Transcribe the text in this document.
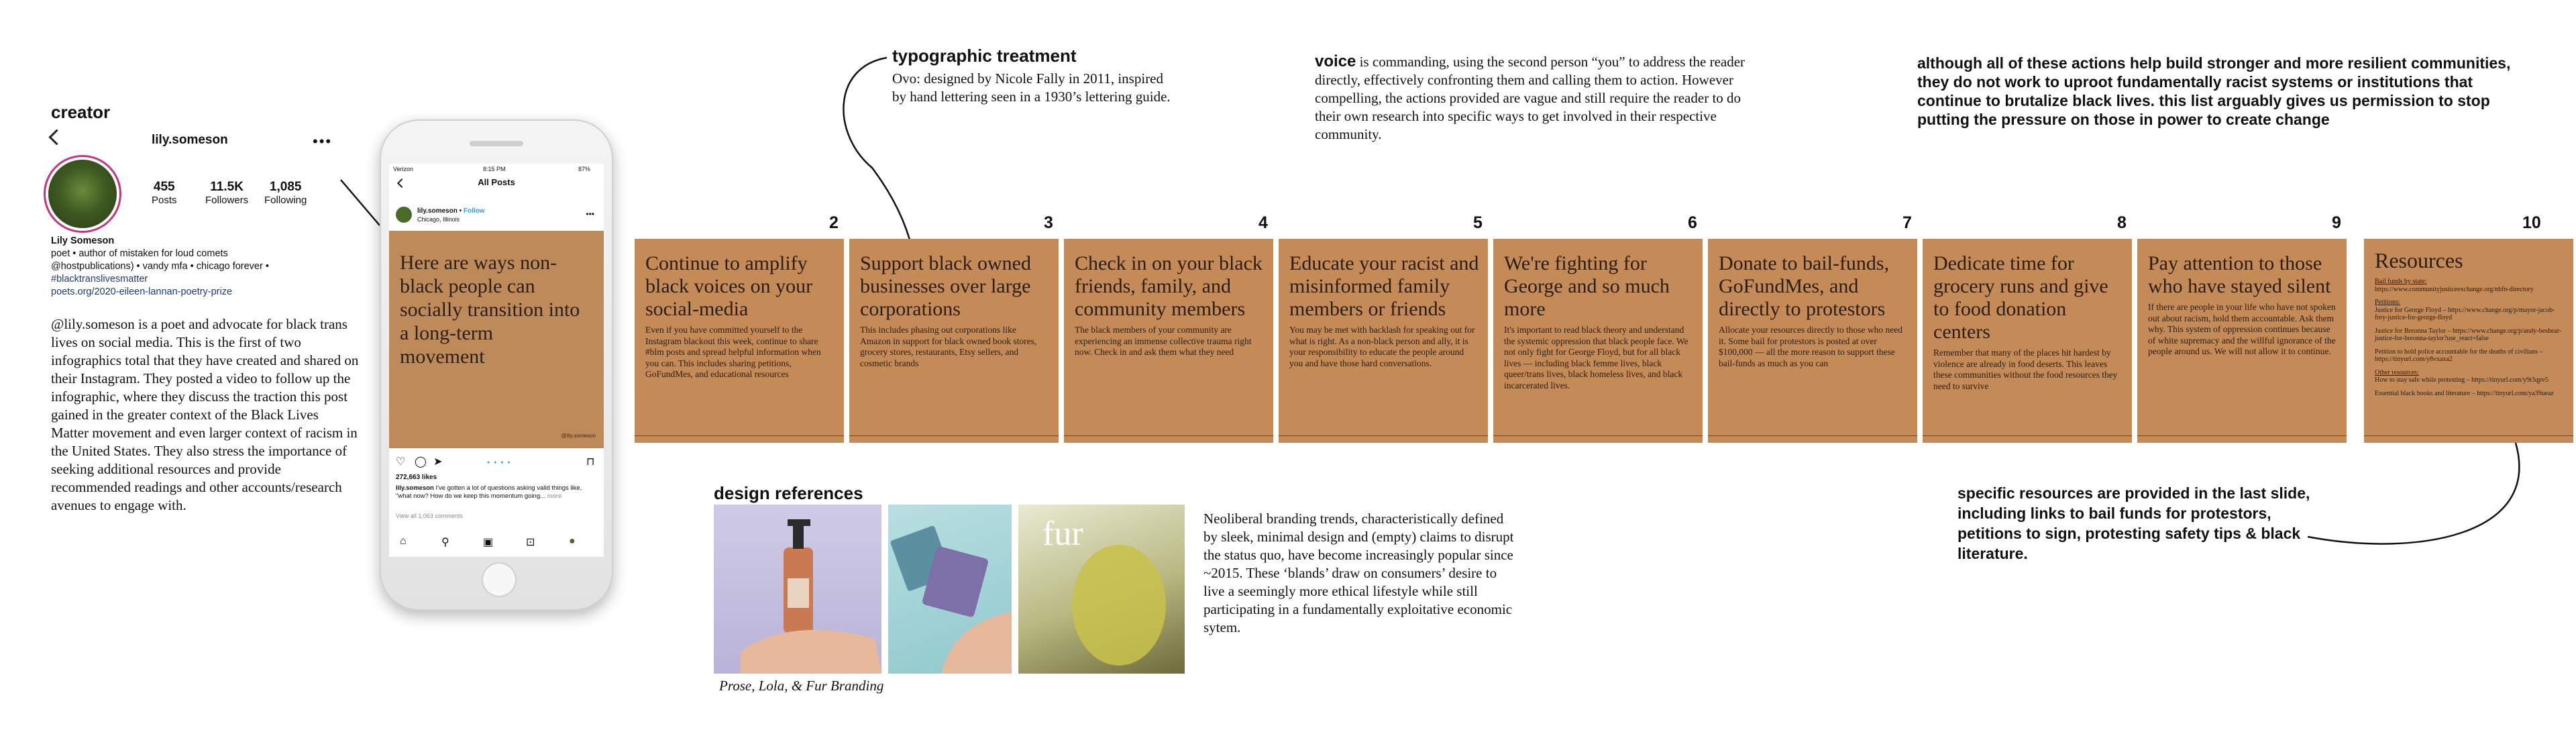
creator
lily.someson	•••
455
Posts
11.5K
Followers
1,085
Following
Lily Someson
poet • author of mistaken for loud comets
@hostpublications) • vandy mfa • chicago forever •
#blacktranslivesmatter
poets.org/2020-eileen-lannan-poetry-prize
@lily.someson is a poet and advocate for black trans lives on social media. This is the first of two infographics total that they have created and shared on their Instagram. They posted a video to follow up the infographic, where they discuss the traction this post gained in the greater context of the Black Lives Matter movement and even larger context of racism in the United States. They also stress the importance of seeking additional resources and provide recommended readings and other accounts/research avenues to engage with.
Verizon	8:15 PM	87%
All Posts
lily.someson • Follow
Chicago, Illinois
•••
Here are ways non-black people can socially transition into a long-term movement
@lily.someson
♡ ◯ ➤	⊓
● ● ● ●
272,663 likes
lily.someson I've gotten a lot of questions asking valid things like, "what now? How do we keep this momentum going... more
View all 1,063 comments
⌂	⚲	▣	⊡	●
typographic treatment
Ovo: designed by Nicole Fally in 2011, inspired by hand lettering seen in a 1930’s lettering guide.
voice is commanding, using the second person “you” to address the reader directly, effectively confronting them and calling them to action. However compelling, the actions provided are vague and still require the reader to do their own research into specific ways to get involved in their respective community.
although all of these actions help build stronger and more resilient communities, they do not work to uproot fundamentally racist systems or institutions that continue to brutalize black lives. this list arguably gives us permission to stop putting the pressure on those in power to create change
2
Continue to amplify black voices on your social-media
Even if you have committed yourself to the Instagram blackout this week, continue to share #blm posts and spread helpful information when you can. This includes sharing petitions, GoFundMes, and educational resources
3
Support black owned businesses over large corporations
This includes phasing out corporations like Amazon in support for black owned book stores, grocery stores, restaurants, Etsy sellers, and cosmetic brands
4
Check in on your black friends, family, and community members
The black members of your community are experiencing an immense collective trauma right now. Check in and ask them what they need
5
Educate your racist and misinformed family members or friends
You may be met with backlash for speaking out for what is right. As a non-black person and ally, it is your responsibility to educate the people around you and have those hard conversations.
6
We're fighting for George and so much more
It's important to read black theory and understand the systemic oppression that black people face. We not only fight for George Floyd, but for all black lives — including black femme lives, black queer/trans lives, black homeless lives, and black incarcerated lives.
7
Donate to bail-funds, GoFundMes, and directly to protestors
Allocate your resources directly to those who need it. Some bail for protestors is posted at over $100,000 — all the more reason to support these bail-funds as much as you can
8
Dedicate time for grocery runs and give to food donation centers
Remember that many of the places hit hardest by violence are already in food deserts. This leaves these communities without the food resources they need to survive
9
Pay attention to those who have stayed silent
If there are people in your life who have not spoken out about racism, hold them accountable. Ask them why. This system of oppression continues because of white supremacy and the willful ignorance of the people around us. We will not allow it to continue.
10
Resources
Bail funds by state:
https://www.communityjusticeexchange.org/nbfn-directory
Petitions:
Justice for George Floyd – https://www.change.org/p/mayor-jacob-frey-justice-for-george-floyd
Justice for Breonna Taylor – https://www.change.org/p/andy-beshear-justice-for-breonna-taylor?use_react=false
Petition to hold police accountable for the deaths of civilians – https://tinyurl.com/y8vxaxa2
Other resources:
How to stay safe while protesting – https://tinyurl.com/y9t3qpv5
Essential black books and literature – https://tinyurl.com/ya39ueaz
specific resources are provided in the last slide, including links to bail funds for protestors, petitions to sign, protesting safety tips & black literature.
design references
fur
Prose, Lola, & Fur Branding
Neoliberal branding trends, characteristically defined by sleek, minimal design and (empty) claims to disrupt the status quo, have become increasingly popular since ~2015. These ‘blands’ draw on consumers’ desire to live a seemingly more ethical lifestyle while still participating in a fundamentally exploitative economic sytem.
